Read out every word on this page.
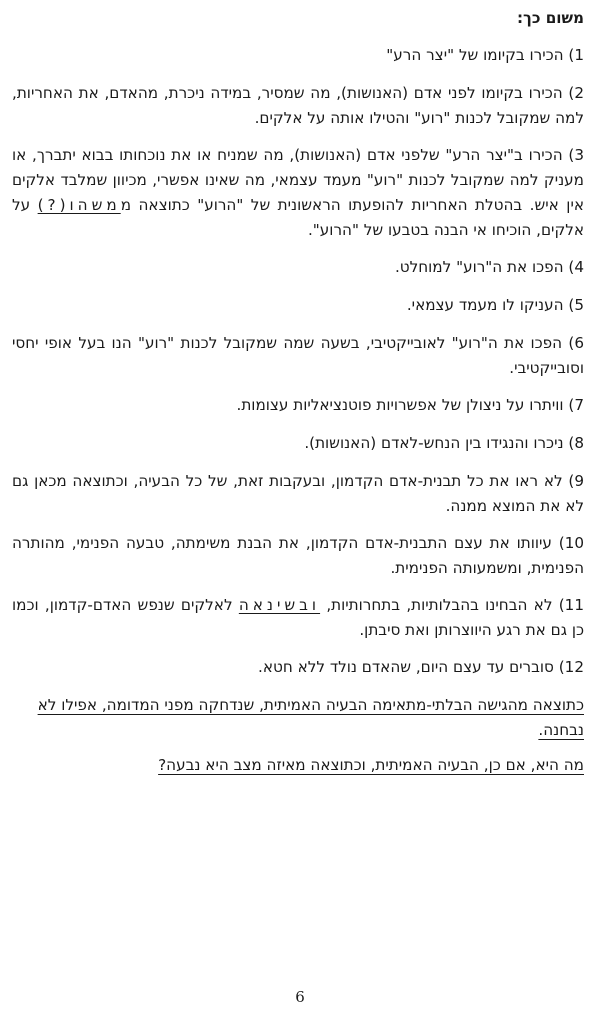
משום כך:

1) הכירו בקיומו של "יצר הרע"

2) הכירו בקיומו לפני אדם (האנושות), מה שמסיר, במידה ניכרת, מהאדם, את האחריות, למה שמקובל לכנות "רוע" והטילו אותה על אלקים.

3) הכירו ב"יצר הרע" שלפני אדם (האנושות), מה שמניח או את נוכחותו בבוא יתברך, או מעניק למה שמקובל לכנות "רוע" מעמד עצמאי, מה שאינו אפשרי, מכיוון שמלבד אלקים אין איש. בהטלת האחריות להופעתו הראשונית של "הרוע" כתוצאה ממשהו(?) על אלקים, הוכיחו אי הבנה בטבעו של "הרוע".

4) הפכו את ה"רוע" למוחלט.

5) העניקו לו מעמד עצמאי.

6) הפכו את ה"רוע" לאובייקטיבי, בשעה שמה שמקובל לכנות "רוע" הנו בעל אופי יחסי וסובייקטיבי.

7) וויתרו על ניצולן של אפשרויות פוטנציאליות עצומות.

8) ניכרו והנגידו בין הנחש-לאדם (האנושות).

9) לא ראו את כל תבנית-אדם הקדמון, ובעקבות זאת, של כל הבעיה, וכתוצאה מכאן גם לא את המוצא ממנה.

10) עיוותו את עצם התבנית-אדם הקדמון, את הבנת משימתה, טבעה הפנימי, מהותרה הפנימית, ומשמעותה הפנימית.

11) לא הבחינו בהבלותיות, בתחרותיות, ובשינאה לאלקים שנפש האדם-קדמון, וכמו כן גם את רגע היווצרותן ואת סיבתן.

12) סוברים עד עצם היום, שהאדם נולד ללא חטא.

כתוצאה מהגישה הבלתי-מתאימה הבעיה האמיתית, שנדחקה מפני המדומה, אפילו לא נבחנה.

מה היא, אם כן, הבעיה האמיתית, וכתוצאה מאיזה מצב היא נבעה?

6
